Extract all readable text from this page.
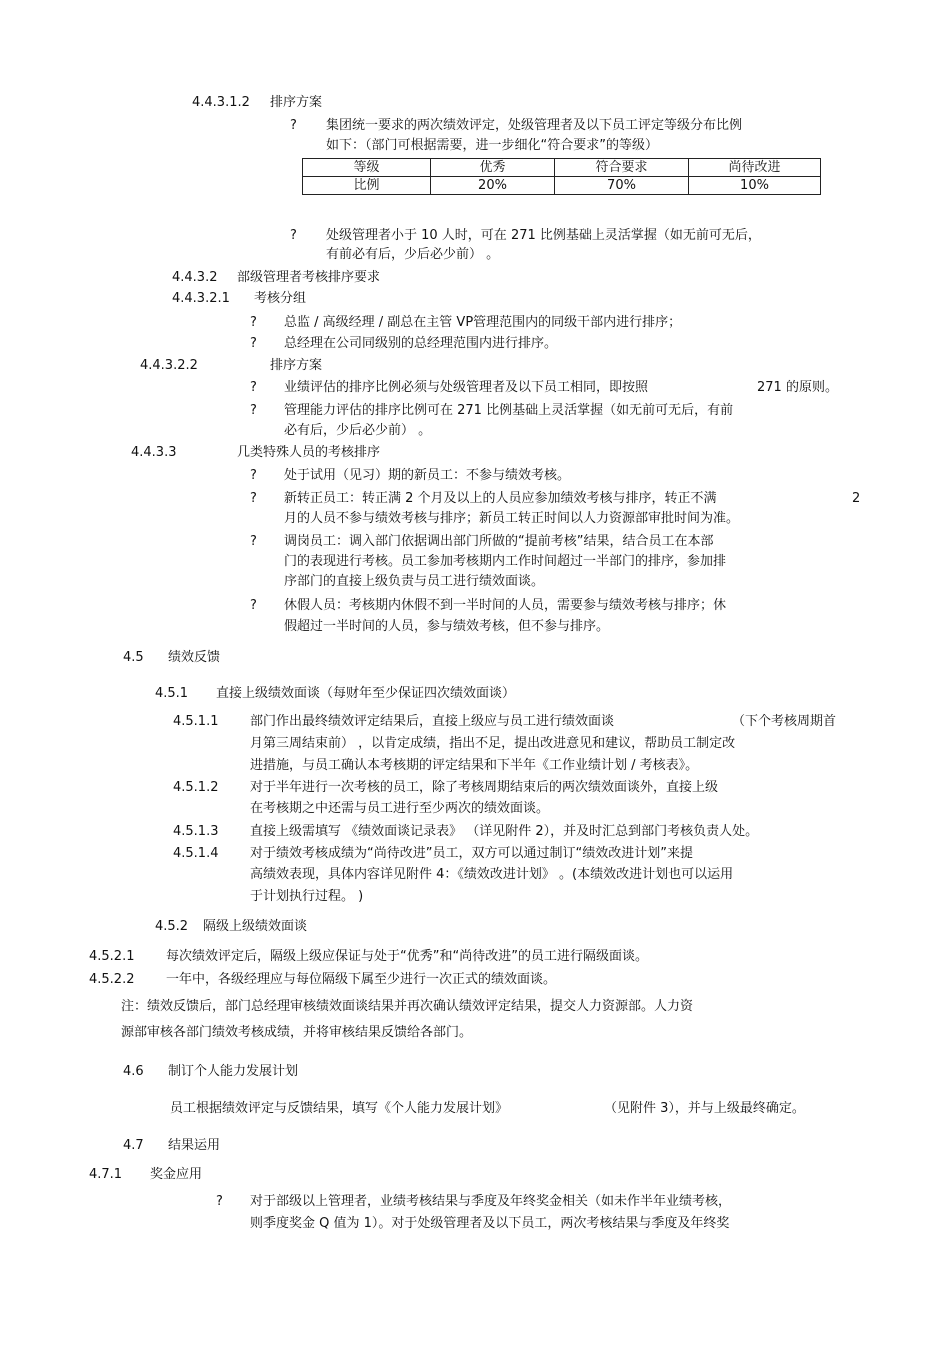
4.4.3.1.2 排序方案
? 集团统一要求的两次绩效评定，处级管理者及以下员工评定等级分布比例
如下：（部门可根据需要，进一步细化“符合要求”的等级）
等级	优秀	符合要求	尚待改进
比例	20%	70%	10%
? 处级管理者小于 10 人时，可在 271 比例基础上灵活掌握（如无前可无后，
有前必有后，少后必少前） 。
4.4.3.2 部级管理者考核排序要求
4.4.3.2.1 考核分组
? 总监 / 高级经理 / 副总在主管 VP管理范围内的同级干部内进行排序；
? 总经理在公司同级别的总经理范围内进行排序。
4.4.3.2.2	排序方案
? 业绩评估的排序比例必须与处级管理者及以下员工相同，即按照	271 的原则。
? 管理能力评估的排序比例可在 271 比例基础上灵活掌握（如无前可无后，有前
必有后，少后必少前） 。
4.4.3.3	几类特殊人员的考核排序
? 处于试用（见习）期的新员工：不参与绩效考核。
? 新转正员工：转正满 2 个月及以上的人员应参加绩效考核与排序，转正不满	2
月的人员不参与绩效考核与排序；新员工转正时间以人力资源部审批时间为准。
? 调岗员工：调入部门依据调出部门所做的“提前考核”结果，结合员工在本部
门的表现进行考核。员工参加考核期内工作时间超过一半部门的排序，参加排
序部门的直接上级负责与员工进行绩效面谈。
? 休假人员：考核期内休假不到一半时间的人员，需要参与绩效考核与排序；休
假超过一半时间的人员，参与绩效考核，但不参与排序。
4.5 绩效反馈
4.5.1 直接上级绩效面谈（每财年至少保证四次绩效面谈）
4.5.1.1 部门作出最终绩效评定结果后，直接上级应与员工进行绩效面谈	（下个考核周期首
月第三周结束前） ，以肯定成绩，指出不足，提出改进意见和建议，帮助员工制定改
进措施，与员工确认本考核期的评定结果和下半年《工作业绩计划 / 考核表》。
4.5.1.2 对于半年进行一次考核的员工，除了考核周期结束后的两次绩效面谈外，直接上级
在考核期之中还需与员工进行至少两次的绩效面谈。
4.5.1.3 直接上级需填写 《绩效面谈记录表》 （详见附件 2），并及时汇总到部门考核负责人处。
4.5.1.4 对于绩效考核成绩为“尚待改进”员工，双方可以通过制订“绩效改进计划”来提
高绩效表现，具体内容详见附件 4：《绩效改进计划》 。(本绩效改进计划也可以运用
于计划执行过程。 )
4.5.2 隔级上级绩效面谈
4.5.2.1 每次绩效评定后，隔级上级应保证与处于“优秀”和“尚待改进”的员工进行隔级面谈。
4.5.2.2 一年中，各级经理应与每位隔级下属至少进行一次正式的绩效面谈。
注：绩效反馈后，部门总经理审核绩效面谈结果并再次确认绩效评定结果，提交人力资源部。人力资
源部审核各部门绩效考核成绩，并将审核结果反馈给各部门。
4.6 制订个人能力发展计划
员工根据绩效评定与反馈结果，填写《个人能力发展计划》	（见附件 3），并与上级最终确定。
4.7 结果运用
4.7.1 奖金应用
? 对于部级以上管理者，业绩考核结果与季度及年终奖金相关（如未作半年业绩考核，
则季度奖金 Q 值为 1）。对于处级管理者及以下员工，两次考核结果与季度及年终奖
